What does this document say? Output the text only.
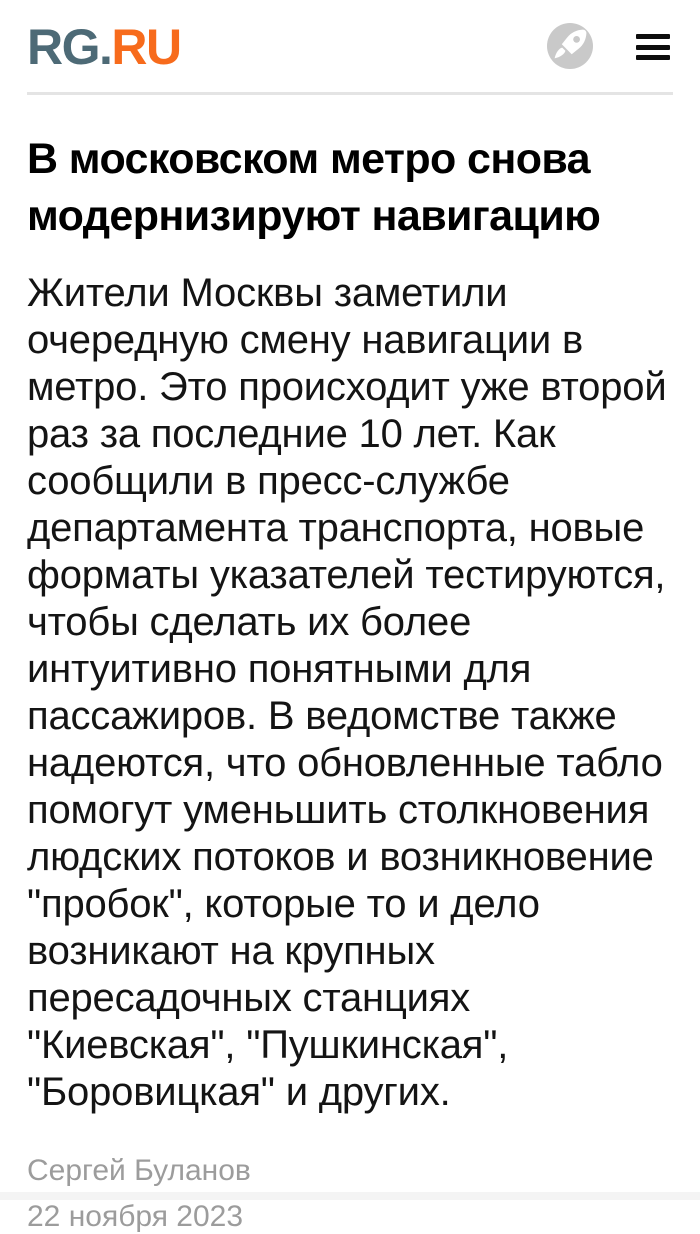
RG.RU
В московском метро снова модернизируют навигацию

Жители Москвы заметили очередную смену навигации в метро. Это происходит уже второй раз за последние 10 лет. Как сообщили в пресс-службе департамента транспорта, новые форматы указателей тестируются, чтобы сделать их более интуитивно понятными для пассажиров. В ведомстве также надеются, что обновленные табло помогут уменьшить столкновения людских потоков и возникновение "пробок", которые то и дело возникают на крупных пересадочных станциях "Киевская", "Пушкинская", "Боровицкая" и других.

Сергей Буланов
22 ноября 2023
